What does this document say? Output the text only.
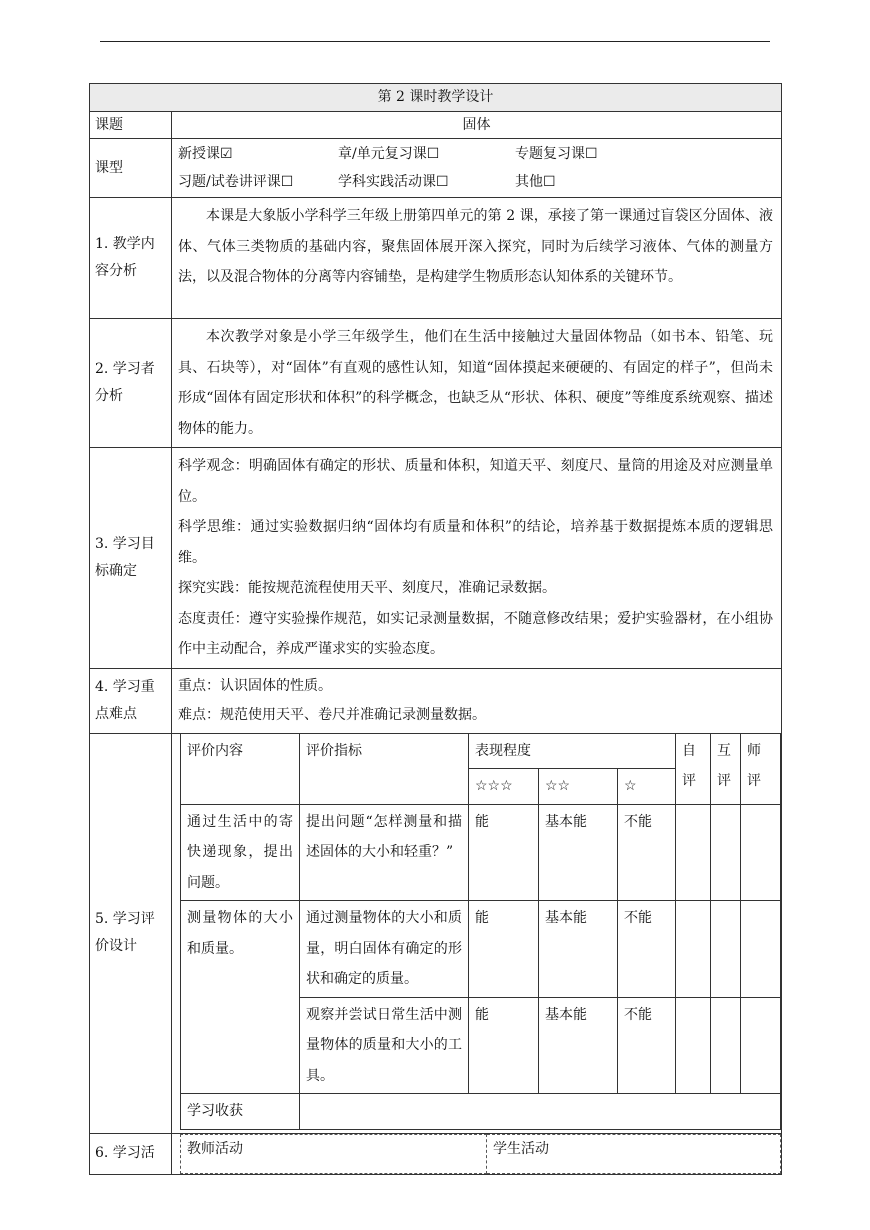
第 2 课时教学设计
课题	固体
课型	
新授课☑	章/单元复习课☐	专题复习课☐
习题/试卷讲评课☐	学科实践活动课☐	其他☐

1. 教学内容分析	本课是大象版小学科学三年级上册第四单元的第 2 课，承接了第一课通过盲袋区分固体、液体、气体三类物质的基础内容，聚焦固体展开深入探究，同时为后续学习液体、气体的测量方法，以及混合物体的分离等内容铺垫，是构建学生物质形态认知体系的关键环节。
2. 学习者分析	本次教学对象是小学三年级学生，他们在生活中接触过大量固体物品（如书本、铅笔、玩具、石块等），对“固体”有直观的感性认知，知道“固体摸起来硬硬的、有固定的样子”，但尚未形成“固体有固定形状和体积”的科学概念，也缺乏从“形状、体积、硬度”等维度系统观察、描述物体的能力。
3. 学习目标确定	
科学观念：明确固体有确定的形状、质量和体积，知道天平、刻度尺、量筒的用途及对应测量单位。
科学思维：通过实验数据归纳“固体均有质量和体积”的结论，培养基于数据提炼本质的逻辑思维。
探究实践：能按规范流程使用天平、刻度尺，准确记录数据。
态度责任：遵守实验操作规范，如实记录测量数据，不随意修改结果；爱护实验器材，在小组协作中主动配合，养成严谨求实的实验态度。

4. 学习重点难点	
重点：认识固体的性质。
难点：规范使用天平、卷尺并准确记录测量数据。

5. 学习评价设计	
评价内容	评价指标	表现程度	自评	互评	师评
☆☆☆	☆☆	☆
通过生活中的寄快递现象，提出问题。	提出问题“怎样测量和描述固体的大小和轻重？”	能	基本能	不能			
测量物体的大小和质量。	通过测量物体的大小和质量，明白固体有确定的形状和确定的质量。	能	基本能	不能			
观察并尝试日常生活中测量物体的质量和大小的工具。	能	基本能	不能			
学习收获	

6. 学习活	教师活动	学生活动
